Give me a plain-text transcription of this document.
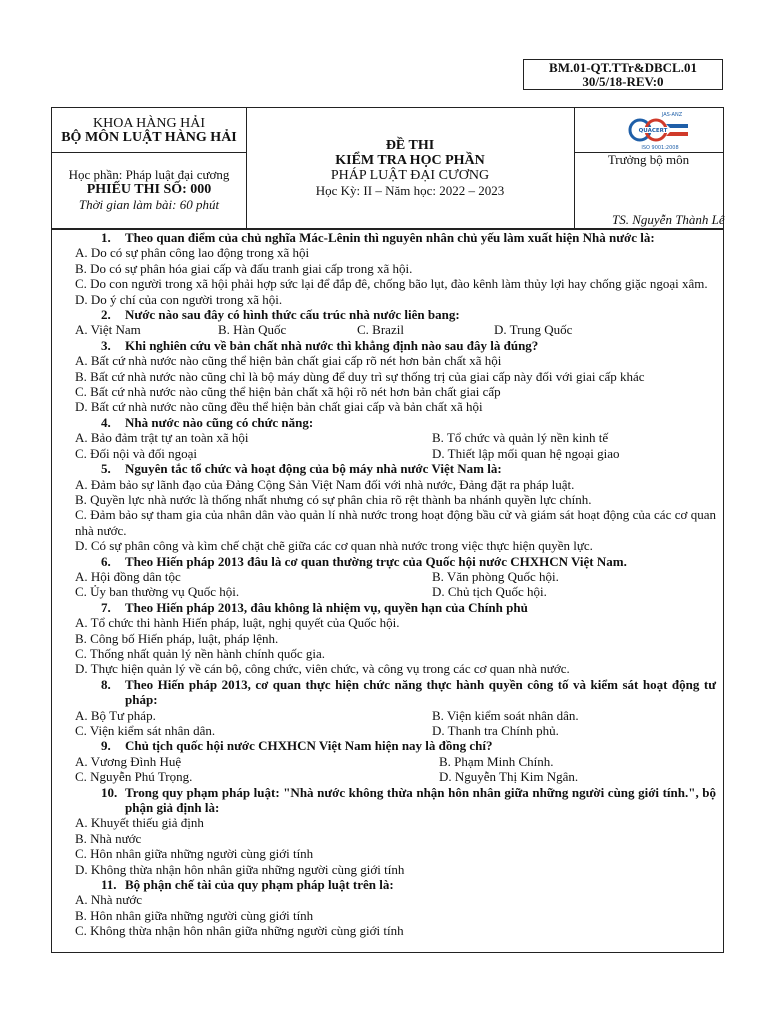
BM.01-QT.TTr&DBCL.01
30/5/18-REV:0
KHOA HÀNG HẢI
BỘ MÔN LUẬT HÀNG HẢI
Học phần: Pháp luật đại cương
PHIẾU THI SỐ: 000
Thời gian làm bài: 60 phút
ĐỀ THI
KIỂM TRA HỌC PHẦN
PHÁP LUẬT ĐẠI CƯƠNG
Học Kỳ: II – Năm học: 2022 – 2023
JAS-ANZ
QUACERT
ISO 9001:2008
Trưởng bộ môn
TS. Nguyễn Thành Lê
1.	Theo quan điểm của chủ nghĩa Mác-Lênin thì nguyên nhân chủ yếu làm xuất hiện Nhà nước là:
A. Do có sự phân công lao động trong xã hội
B. Do có sự phân hóa giai cấp và đấu tranh giai cấp trong xã hội.
C. Do con người trong xã hội phải hợp sức lại để đắp đê, chống bão lụt, đào kênh làm thủy lợi hay chống giặc ngoại xâm.
D. Do ý chí của con người trong xã hội.
2.	Nước nào sau đây có hình thức cấu trúc nhà nước liên bang:
A. Việt Nam	B. Hàn Quốc	C. Brazil	D. Trung Quốc
3.	Khi nghiên cứu về bản chất nhà nước thì khẳng định nào sau đây là đúng?
A. Bất cứ nhà nước nào cũng thể hiện bản chất giai cấp rõ nét hơn bản chất xã hội
B. Bất cứ nhà nước nào cũng chỉ là bộ máy dùng để duy trì sự thống trị của giai cấp này đối với giai cấp khác
C. Bất cứ nhà nước nào cũng thể hiện bản chất xã hội rõ nét hơn bản chất giai cấp
D. Bất cứ nhà nước nào cũng đều thể hiện bản chất giai cấp và bản chất xã hội
4.	Nhà nước nào cũng có chức năng:
A. Bảo đảm trật tự an toàn xã hội	B. Tổ chức và quản lý nền kinh tế
C. Đối nội và đối ngoại	D. Thiết lập mối quan hệ ngoại giao
5.	Nguyên tắc tổ chức và hoạt động của bộ máy nhà nước Việt Nam là:
A. Đảm bảo sự lãnh đạo của Đảng Cộng Sản Việt Nam đối với nhà nước, Đảng đặt ra pháp luật.
B. Quyền lực nhà nước là thống nhất nhưng có sự phân chia rõ rệt thành ba nhánh quyền lực chính.
C. Đảm bảo sự tham gia của nhân dân vào quản lí nhà nước trong hoạt động bầu cử và giám sát hoạt động của các cơ quan nhà nước.
D. Có sự phân công và kìm chế chặt chẽ giữa các cơ quan nhà nước trong việc thực hiện quyền lực.
6.	Theo Hiến pháp 2013 đâu là cơ quan thường trực của Quốc hội nước CHXHCN Việt Nam.
A. Hội đồng dân tộc	B. Văn phòng Quốc hội.
C. Ủy ban thường vụ Quốc hội.	D. Chủ tịch Quốc hội.
7.	Theo Hiến pháp 2013, đâu không là nhiệm vụ, quyền hạn của Chính phủ
A. Tổ chức thi hành Hiến pháp, luật, nghị quyết của Quốc hội.
B. Công bố Hiến pháp, luật, pháp lệnh.
C. Thống nhất quản lý nền hành chính quốc gia.
D. Thực hiện quản lý về cán bộ, công chức, viên chức, và công vụ trong các cơ quan nhà nước.
8.	Theo Hiến pháp 2013, cơ quan thực hiện chức năng thực hành quyền công tố và kiểm sát hoạt động tư pháp:
A. Bộ Tư pháp.	B. Viện kiểm soát nhân dân.
C. Viện kiểm sát nhân dân.	D. Thanh tra Chính phủ.
9.	Chủ tịch quốc hội nước CHXHCN Việt Nam hiện nay là đồng chí?
A. Vương Đình Huệ	B. Phạm Minh Chính.
C. Nguyễn Phú Trọng.	D. Nguyễn Thị Kim Ngân.
10. Trong quy phạm pháp luật: "Nhà nước không thừa nhận hôn nhân giữa những người cùng giới tính.", bộ phận giả định là:
A. Khuyết thiếu giả định
B. Nhà nước
C. Hôn nhân giữa những người cùng giới tính
D. Không thừa nhận hôn nhân giữa những người cùng giới tính
11. Bộ phận chế tài của quy phạm pháp luật trên là:
A. Nhà nước
B. Hôn nhân giữa những người cùng giới tính
C. Không thừa nhận hôn nhân giữa những người cùng giới tính
